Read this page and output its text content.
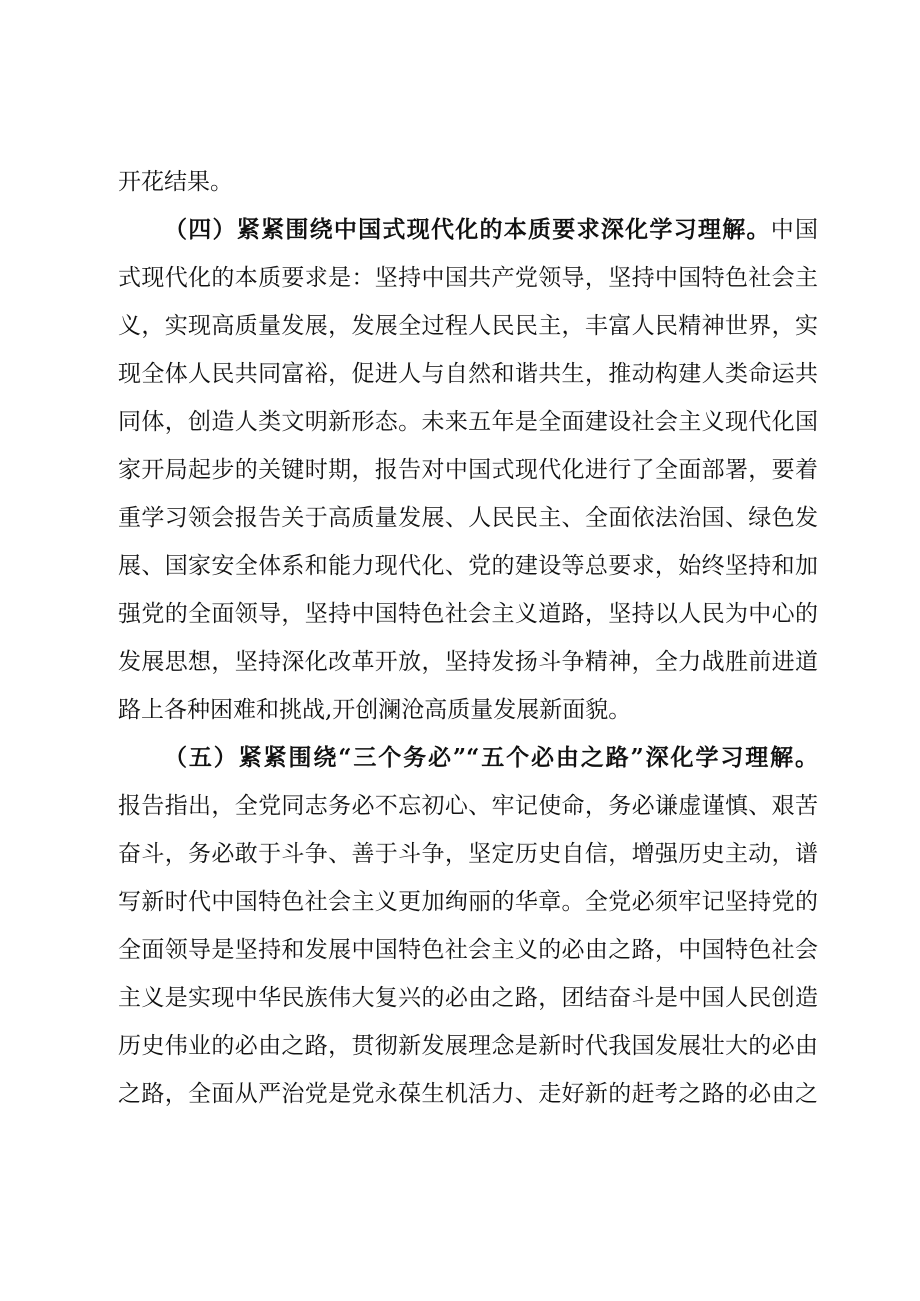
开花结果。
（四）紧紧围绕中国式现代化的本质要求深化学习理解。中国
式现代化的本质要求是：坚持中国共产党领导，坚持中国特色社会主
义，实现高质量发展，发展全过程人民民主，丰富人民精神世界，实
现全体人民共同富裕，促进人与自然和谐共生，推动构建人类命运共
同体，创造人类文明新形态。未来五年是全面建设社会主义现代化国
家开局起步的关键时期，报告对中国式现代化进行了全面部署，要着
重学习领会报告关于高质量发展、人民民主、全面依法治国、绿色发
展、国家安全体系和能力现代化、党的建设等总要求，始终坚持和加
强党的全面领导，坚持中国特色社会主义道路，坚持以人民为中心的
发展思想，坚持深化改革开放，坚持发扬斗争精神，全力战胜前进道
路上各种困难和挑战,开创澜沧高质量发展新面貌。
（五）紧紧围绕“三个务必”“五个必由之路”深化学习理解。
报告指出，全党同志务必不忘初心、牢记使命，务必谦虚谨慎、艰苦
奋斗，务必敢于斗争、善于斗争，坚定历史自信，增强历史主动，谱
写新时代中国特色社会主义更加绚丽的华章。全党必须牢记坚持党的
全面领导是坚持和发展中国特色社会主义的必由之路，中国特色社会
主义是实现中华民族伟大复兴的必由之路，团结奋斗是中国人民创造
历史伟业的必由之路，贯彻新发展理念是新时代我国发展壮大的必由
之路，全面从严治党是党永葆生机活力、走好新的赶考之路的必由之
